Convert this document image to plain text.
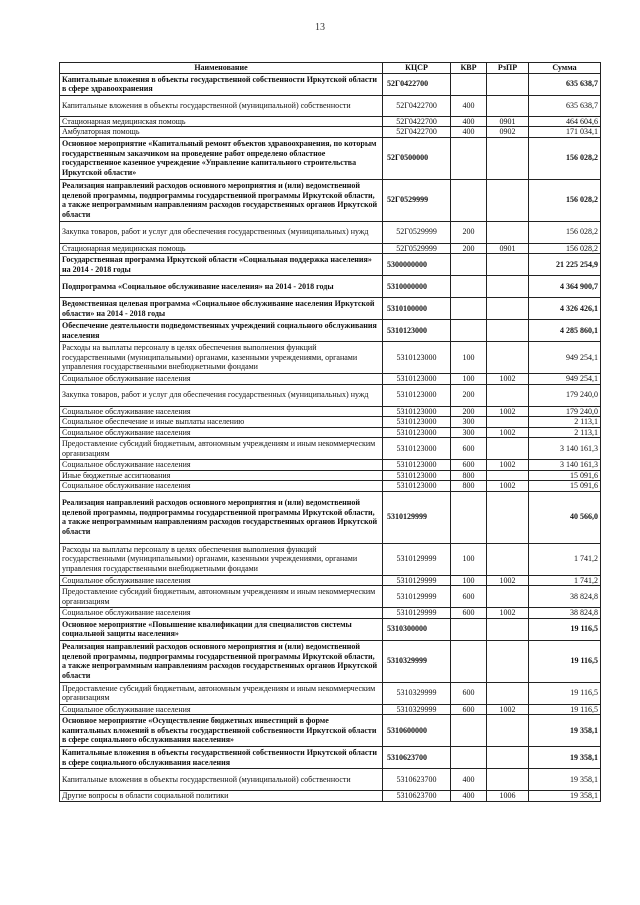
13
Наименование	КЦСР	КВР	РзПР	Сумма
Капитальные вложения в объекты государственной собственности Иркутской области в сфере здравоохранения	52Г0422700			635 638,7
Капитальные вложения в объекты государственной (муниципальной) собственности	52Г0422700	400		635 638,7
Стационарная медицинская помощь	52Г0422700	400	0901	464 604,6
Амбулаторная помощь	52Г0422700	400	0902	171 034,1
Основное мероприятие «Капитальный ремонт объектов здравоохранения, по которым государственным заказчиком на проведение работ определено областное государственное казенное учреждение «Управление капитального строительства Иркутской области»	52Г0500000			156 028,2
Реализация направлений расходов основного мероприятия и (или) ведомственной целевой программы, подпрограммы государственной программы Иркутской области, а также непрограммным направлениям расходов государственных органов Иркутской области	52Г0529999			156 028,2
Закупка товаров, работ и услуг для обеспечения государственных (муниципальных) нужд	52Г0529999	200		156 028,2
Стационарная медицинская помощь	52Г0529999	200	0901	156 028,2
Государственная программа Иркутской области «Социальная поддержка населения» на 2014 - 2018 годы	5300000000			21 225 254,9
Подпрограмма «Социальное обслуживание населения» на 2014 - 2018 годы	5310000000			4 364 900,7
Ведомственная целевая программа «Социальное обслуживание населения Иркутской области» на 2014 - 2018 годы	5310100000			4 326 426,1
Обеспечение деятельности подведомственных учреждений социального обслуживания населения	5310123000			4 285 860,1
Расходы на выплаты персоналу в целях обеспечения выполнения функций государственными (муниципальными) органами, казенными учреждениями, органами управления государственными внебюджетными фондами	5310123000	100		949 254,1
Социальное обслуживание населения	5310123000	100	1002	949 254,1
Закупка товаров, работ и услуг для обеспечения государственных (муниципальных) нужд	5310123000	200		179 240,0
Социальное обслуживание населения	5310123000	200	1002	179 240,0
Социальное обеспечение и иные выплаты населению	5310123000	300		2 113,1
Социальное обслуживание населения	5310123000	300	1002	2 113,1
Предоставление субсидий бюджетным, автономным учреждениям и иным некоммерческим организациям	5310123000	600		3 140 161,3
Социальное обслуживание населения	5310123000	600	1002	3 140 161,3
Иные бюджетные ассигнования	5310123000	800		15 091,6
Социальное обслуживание населения	5310123000	800	1002	15 091,6
Реализация направлений расходов основного мероприятия и (или) ведомственной целевой программы, подпрограммы государственной программы Иркутской области, а также непрограммным направлениям расходов государственных органов Иркутской области	5310129999			40 566,0
Расходы на выплаты персоналу в целях обеспечения выполнения функций государственными (муниципальными) органами, казенными учреждениями, органами управления государственными внебюджетными фондами	5310129999	100		1 741,2
Социальное обслуживание населения	5310129999	100	1002	1 741,2
Предоставление субсидий бюджетным, автономным учреждениям и иным некоммерческим организациям	5310129999	600		38 824,8
Социальное обслуживание населения	5310129999	600	1002	38 824,8
Основное мероприятие «Повышение квалификации для специалистов системы социальной защиты населения»	5310300000			19 116,5
Реализация направлений расходов основного мероприятия и (или) ведомственной целевой программы, подпрограммы государственной программы Иркутской области, а также непрограммным направлениям расходов государственных органов Иркутской области	5310329999			19 116,5
Предоставление субсидий бюджетным, автономным учреждениям и иным некоммерческим организациям	5310329999	600		19 116,5
Социальное обслуживание населения	5310329999	600	1002	19 116,5
Основное мероприятие «Осуществление бюджетных инвестиций в форме капитальных вложений в объекты государственной собственности Иркутской области в сфере социального обслуживания населения»	5310600000			19 358,1
Капитальные вложения в объекты государственной собственности Иркутской области в сфере социального обслуживания населения	5310623700			19 358,1
Капитальные вложения в объекты государственной (муниципальной) собственности	5310623700	400		19 358,1
Другие вопросы в области социальной политики	5310623700	400	1006	19 358,1
